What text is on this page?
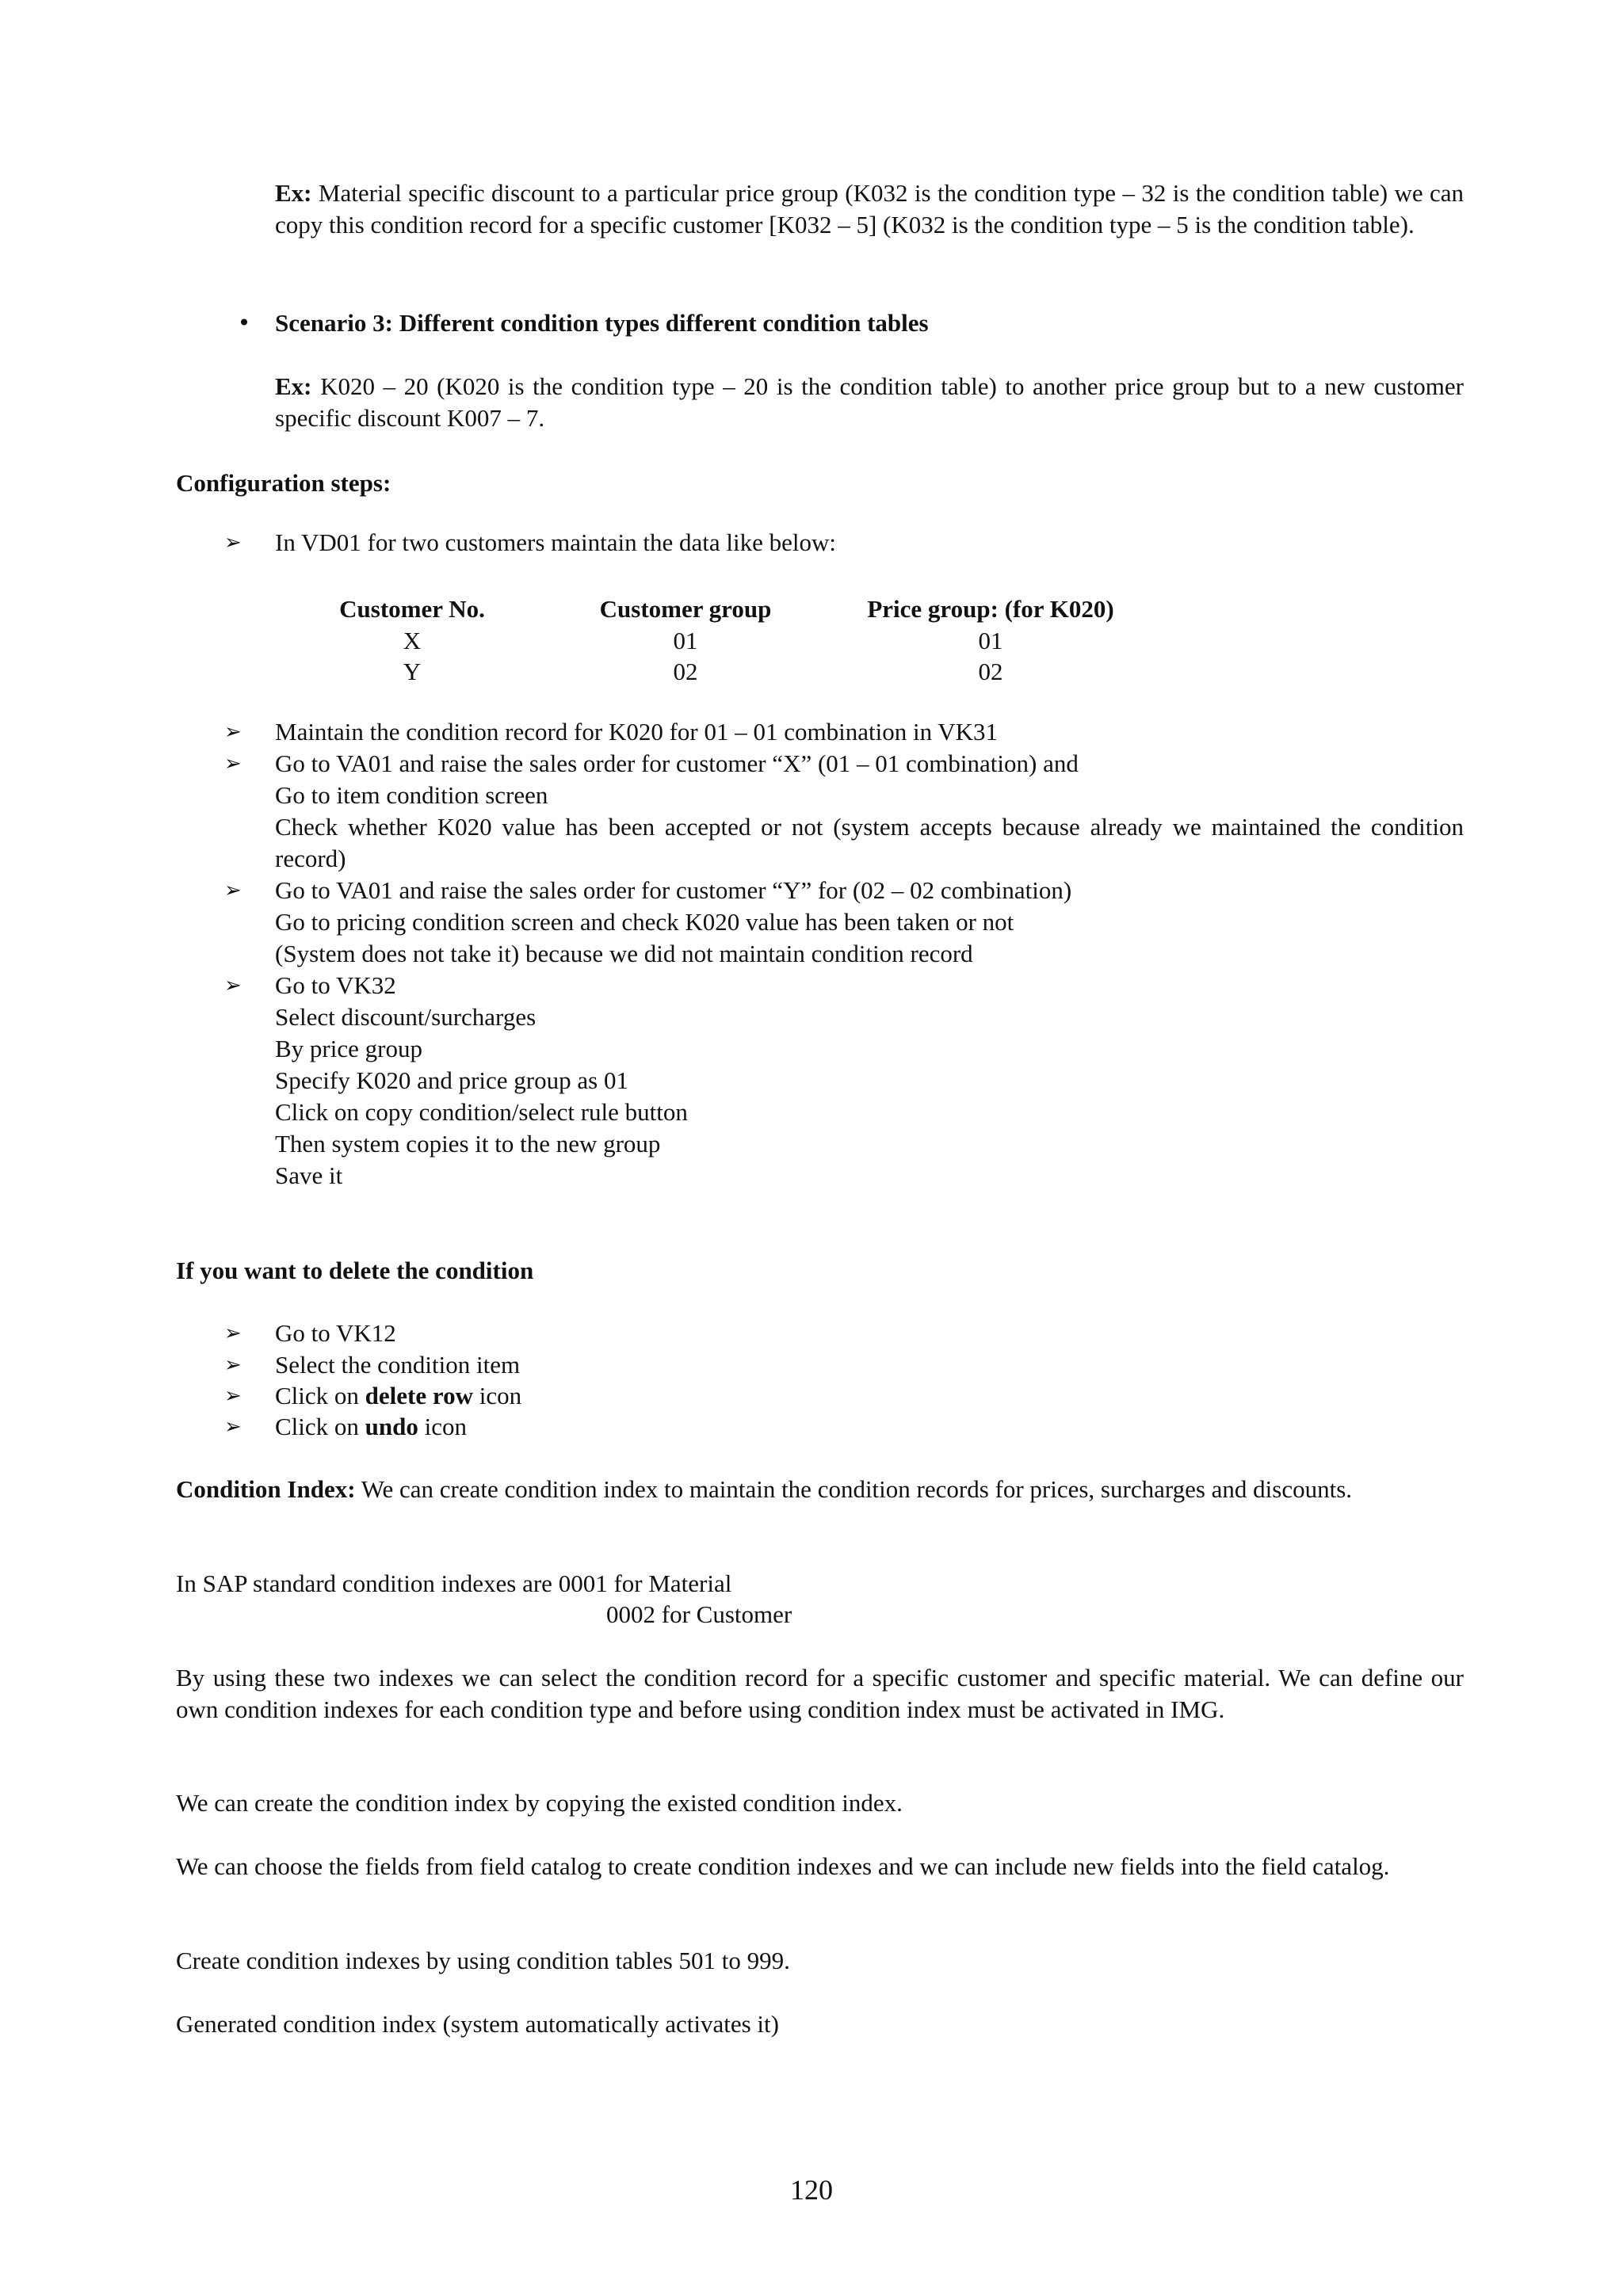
Ex: Material specific discount to a particular price group (K032 is the condition type – 32 is the condition table) we can copy this condition record for a specific customer [K032 – 5] (K032 is the condition type – 5 is the condition table).

• Scenario 3: Different condition types different condition tables

Ex: K020 – 20 (K020 is the condition type – 20 is the condition table) to another price group but to a new customer specific discount K007 – 7.

Configuration steps:

➢ In VD01 for two customers maintain the data like below:

Customer No.	Customer group	Price group: (for K020)
X	01	01
Y	02	02
➢ Maintain the condition record for K020 for 01 – 01 combination in VK31

➢ Go to VA01 and raise the sales order for customer “X” (01 – 01 combination) and
Go to item condition screen
Check whether K020 value has been accepted or not (system accepts because already we maintained the condition record)
➢ Go to VA01 and raise the sales order for customer “Y” for (02 – 02 combination)
Go to pricing condition screen and check K020 value has been taken or not
(System does not take it) because we did not maintain condition record
➢ Go to VK32
Select discount/surcharges
By price group
Specify K020 and price group as 01
Click on copy condition/select rule button
Then system copies it to the new group
Save it

If you want to delete the condition

➢ Go to VK12

➢ Select the condition item

➢ Click on delete row icon

➢ Click on undo icon

Condition Index: We can create condition index to maintain the condition records for prices, surcharges and discounts.

In SAP standard condition indexes are 0001 for Material

0002 for Customer

By using these two indexes we can select the condition record for a specific customer and specific material. We can define our own condition indexes for each condition type and before using condition index must be activated in IMG.

We can create the condition index by copying the existed condition index.

We can choose the fields from field catalog to create condition indexes and we can include new fields into the field catalog.

Create condition indexes by using condition tables 501 to 999.

Generated condition index (system automatically activates it)

120
